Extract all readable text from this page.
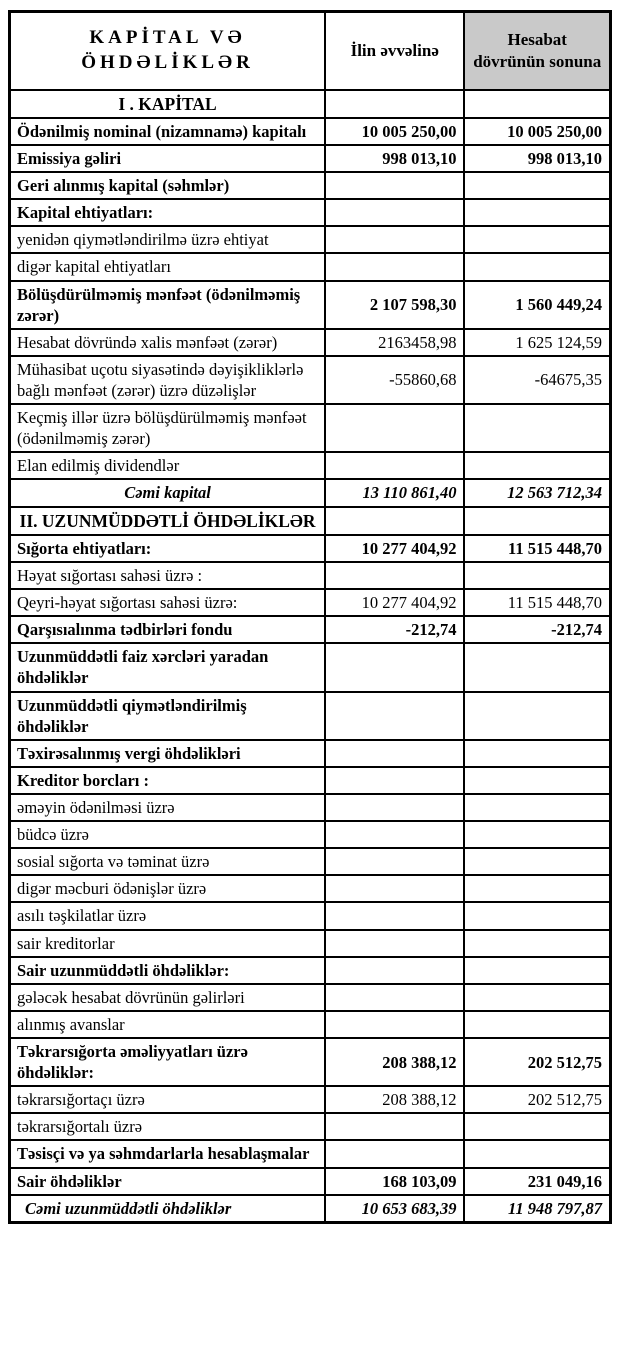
KAPİTAL VƏ ÖHDƏLİKLƏR	İlin əvvəlinə	Hesabat dövrünün sonuna
I . KAPİTAL		
Ödənilmiş nominal (nizamnamə) kapitalı	10 005 250,00	10 005 250,00
Emissiya gəliri	998 013,10	998 013,10
Geri alınmış kapital (səhmlər)		
Kapital ehtiyatları:		
yenidən qiymətləndirilmə üzrə ehtiyat		
digər kapital ehtiyatları		
Bölüşdürülməmiş mənfəət (ödənilməmiş zərər)	2 107 598,30	1 560 449,24
Hesabat dövründə xalis mənfəət (zərər)	2163458,98	1 625 124,59
Mühasibat uçotu siyasətində dəyişikliklərlə bağlı mənfəət (zərər) üzrə düzəlişlər	-55860,68	-64675,35
Keçmiş illər üzrə bölüşdürülməmiş mənfəət (ödənilməmiş zərər)		
Elan edilmiş dividendlər		
Cəmi kapital	13 110 861,40	12 563 712,34
II. UZUNMÜDDƏTLİ ÖHDƏLİKLƏR		
Sığorta ehtiyatları:	10 277 404,92	11 515 448,70
Həyat sığortası sahəsi üzrə :		
Qeyri-həyat sığortası sahəsi üzrə:	10 277 404,92	11 515 448,70
Qarşısıalınma tədbirləri fondu	-212,74	-212,74
Uzunmüddətli faiz xərcləri yaradan öhdəliklər		
Uzunmüddətli qiymətləndirilmiş öhdəliklər		
Təxirəsalınmış vergi öhdəlikləri		
Kreditor borcları :		
əməyin ödənilməsi üzrə		
büdcə üzrə		
sosial sığorta və təminat üzrə		
digər məcburi ödənişlər üzrə		
asılı təşkilatlar üzrə		
sair kreditorlar		
Sair uzunmüddətli öhdəliklər:		
gələcək hesabat dövrünün gəlirləri		
alınmış avanslar		
Təkrarsığorta əməliyyatları üzrə öhdəliklər:	208 388,12	202 512,75
təkrarsığortaçı üzrə	208 388,12	202 512,75
təkrarsığortalı üzrə		
Təsisçi və ya səhmdarlarla hesablaşmalar		
Sair öhdəliklər	168 103,09	231 049,16
Cəmi uzunmüddətli öhdəliklər	10 653 683,39	11 948 797,87
